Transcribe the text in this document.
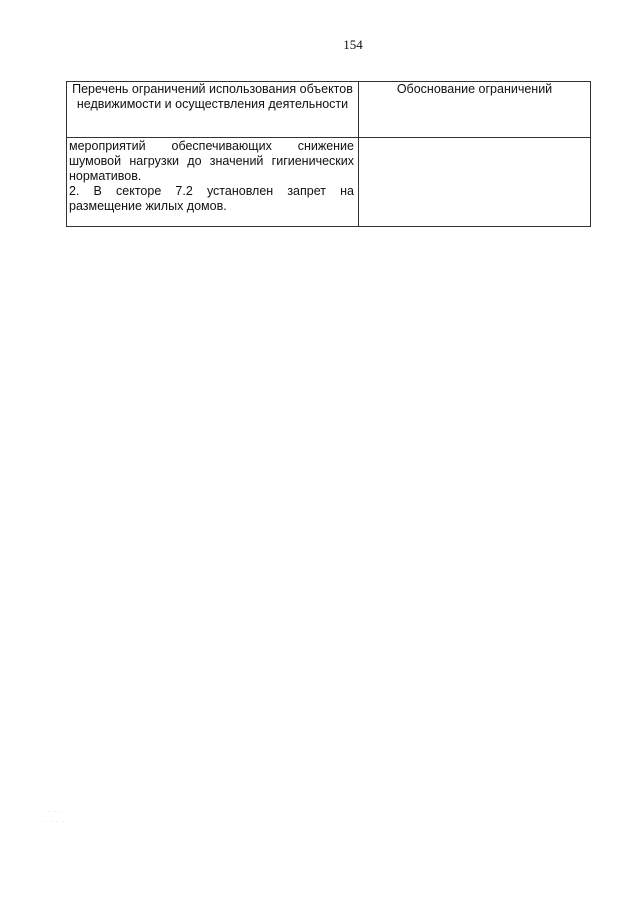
154
Перечень ограничений использования объектов недвижимости и осуществления деятельности	Обоснование ограничений

мероприятий обеспечивающих снижение шумовой нагрузки до значений гигиенических нормативов.

2. В секторе 7.2 установлен запрет на размещение жилых домов.	

· · ·
· · · ·
